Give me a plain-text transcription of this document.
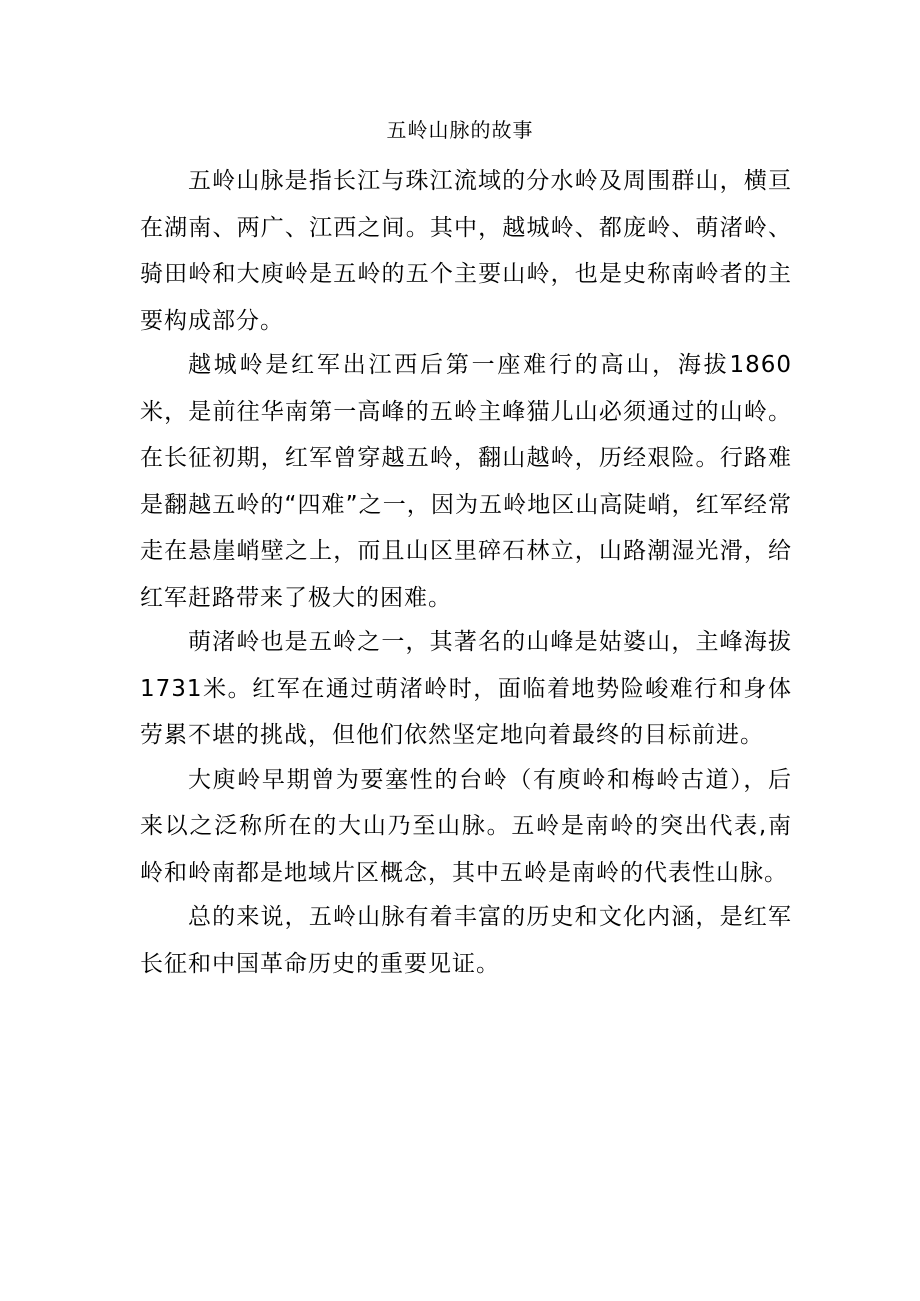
五岭山脉的故事

五岭山脉是指长江与珠江流域的分水岭及周围群山，横亘在湖南、两广、江西之间。其中，越城岭、都庞岭、萌渚岭、骑田岭和大庾岭是五岭的五个主要山岭，也是史称南岭者的主要构成部分。

越城岭是红军出江西后第一座难行的高山，海拔1860米，是前往华南第一高峰的五岭主峰猫儿山必须通过的山岭。在长征初期，红军曾穿越五岭，翻山越岭，历经艰险。行路难是翻越五岭的“四难”之一，因为五岭地区山高陡峭，红军经常走在悬崖峭壁之上，而且山区里碎石林立，山路潮湿光滑，给红军赶路带来了极大的困难。

萌渚岭也是五岭之一，其著名的山峰是姑婆山，主峰海拔1731米。红军在通过萌渚岭时，面临着地势险峻难行和身体劳累不堪的挑战，但他们依然坚定地向着最终的目标前进。

大庾岭早期曾为要塞性的台岭（有庾岭和梅岭古道），后来以之泛称所在的大山乃至山脉。五岭是南岭的突出代表,南岭和岭南都是地域片区概念，其中五岭是南岭的代表性山脉。

总的来说，五岭山脉有着丰富的历史和文化内涵，是红军长征和中国革命历史的重要见证。
